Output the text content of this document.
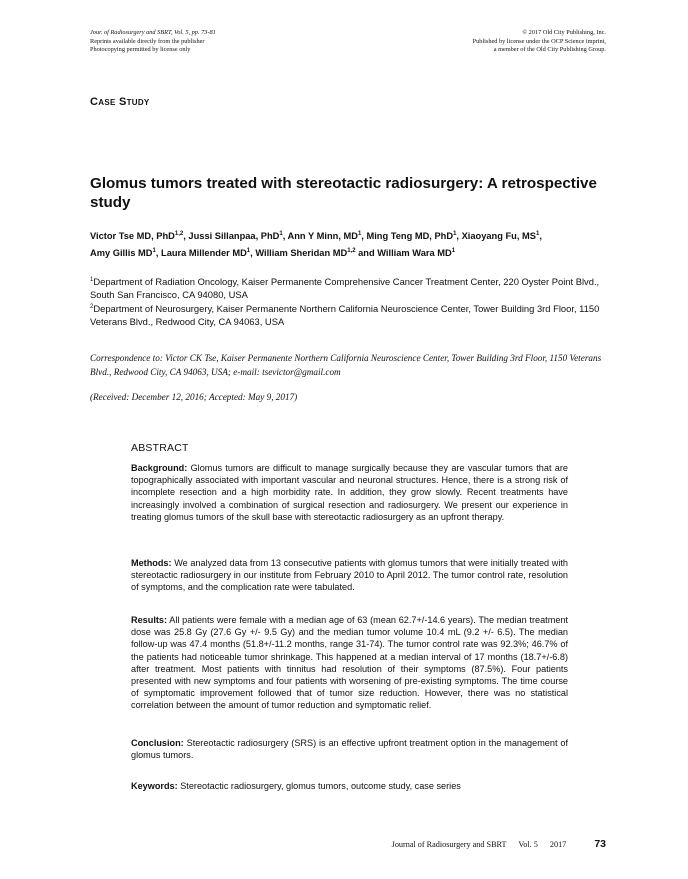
Jour. of Radiosurgery and SBRT, Vol. 5, pp. 73-81
Reprints available directly from the publisher
Photocopying permitted by license only
© 2017 Old City Publishing, Inc.
Published by license under the OCP Science imprint,
a member of the Old City Publishing Group.
Case Study
Glomus tumors treated with stereotactic radiosurgery: A retrospective study
Victor Tse MD, PhD$^{1,2}$, Jussi Sillanpaa, PhD$^1$, Ann Y Minn, $MD^1$, Ming Teng MD, PhD$^1$, Xiaoyang Fu, $MS^1$,
Amy Gillis $MD^1$, Laura Millender $MD^1$, William Sheridan MD$^{1,2}$ and William Wara $MD^1$

$^1$Department of Radiation Oncology, Kaiser Permanente Comprehensive Cancer Treatment Center, 220 Oyster Point Blvd., South San Francisco, CA 94080, USA

$^2$Department of Neurosurgery, Kaiser Permanente Northern California Neuroscience Center, Tower Building 3rd Floor, 1150 Veterans Blvd., Redwood City, CA 94063, USA

Correspondence to: Victor CK Tse, Kaiser Permanente Northern California Neuroscience Center, Tower Building 3rd Floor, 1150 Veterans Blvd., Redwood City, CA 94063, USA; e-mail: tsevictor@gmail.com
(Received: December 12, 2016; Accepted: May 9, 2017)
ABSTRACT
Background: Glomus tumors are difficult to manage surgically because they are vascular tumors that are topographically associated with important vascular and neuronal structures. Hence, there is a strong risk of incomplete resection and a high morbidity rate. In addition, they grow slowly. Recent treatments have increasingly involved a combination of surgical resection and radiosurgery. We present our experience in treating glomus tumors of the skull base with stereotactic radiosurgery as an upfront therapy.
Methods: We analyzed data from 13 consecutive patients with glomus tumors that were initially treated with stereotactic radiosurgery in our institute from February 2010 to April 2012. The tumor control rate, resolution of symptoms, and the complication rate were tabulated.
Results: All patients were female with a median age of 63 (mean 62.7+/-14.6 years). The median treatment dose was 25.8 Gy (27.6 Gy +/- 9.5 Gy) and the median tumor volume 10.4 mL (9.2 +/- 6.5). The median follow-up was 47.4 months (51.8+/-11.2 months, range 31-74). The tumor control rate was 92.3%; 46.7% of the patients had noticeable tumor shrinkage. This happened at a median interval of 17 months (18.7+/-6.8) after treatment. Most patients with tinnitus had resolution of their symptoms (87.5%). Four patients presented with new symptoms and four patients with worsening of pre-existing symptoms. The time course of symptomatic improvement followed that of tumor size reduction. However, there was no statistical correlation between the amount of tumor reduction and symptomatic relief.
Conclusion: Stereotactic radiosurgery (SRS) is an effective upfront treatment option in the management of glomus tumors.
Keywords: Stereotactic radiosurgery, glomus tumors, outcome study, case series
Journal of Radiosurgery and SBRT Vol. 5 2017	73
